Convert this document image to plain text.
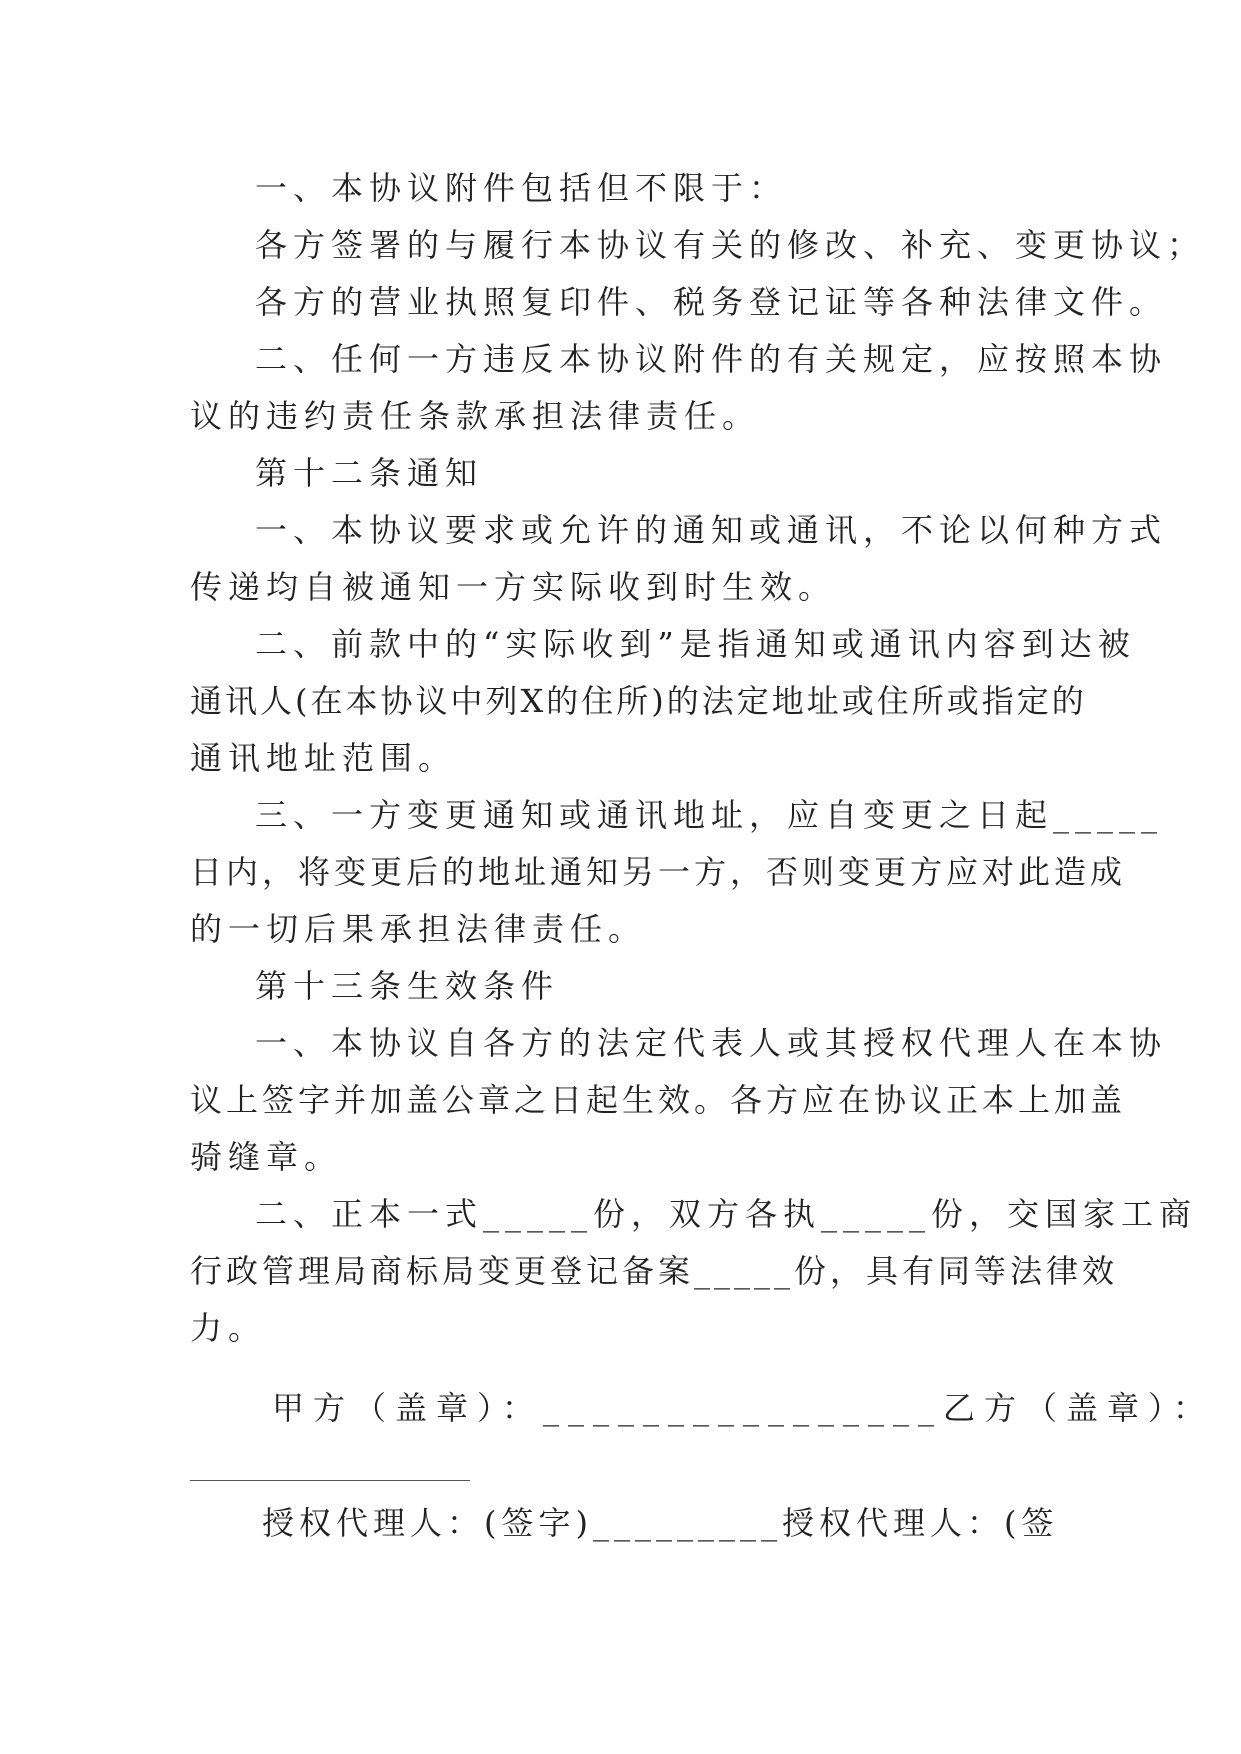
一、本协议附件包括但不限于：
各方签署的与履行本协议有关的修改、补充、变更协议；
各方的营业执照复印件、税务登记证等各种法律文件。
二、任何一方违反本协议附件的有关规定，应按照本协
议的违约责任条款承担法律责任。
第十二条通知
一、本协议要求或允许的通知或通讯，不论以何种方式
传递均自被通知一方实际收到时生效。
二、前款中的“实际收到”是指通知或通讯内容到达被
通讯人(在本协议中列X的住所)的法定地址或住所或指定的
通讯地址范围。
三、一方变更通知或通讯地址，应自变更之日起_____
日内，将变更后的地址通知另一方，否则变更方应对此造成
的一切后果承担法律责任。
第十三条生效条件
一、本协议自各方的法定代表人或其授权代理人在本协
议上签字并加盖公章之日起生效。各方应在协议正本上加盖
骑缝章。
二、正本一式_____份，双方各执_____份，交国家工商
行政管理局商标局变更登记备案_____份，具有同等法律效
力。
甲方（盖章）：________________乙方（盖章）：
授权代理人：(签字)_________授权代理人：(签
